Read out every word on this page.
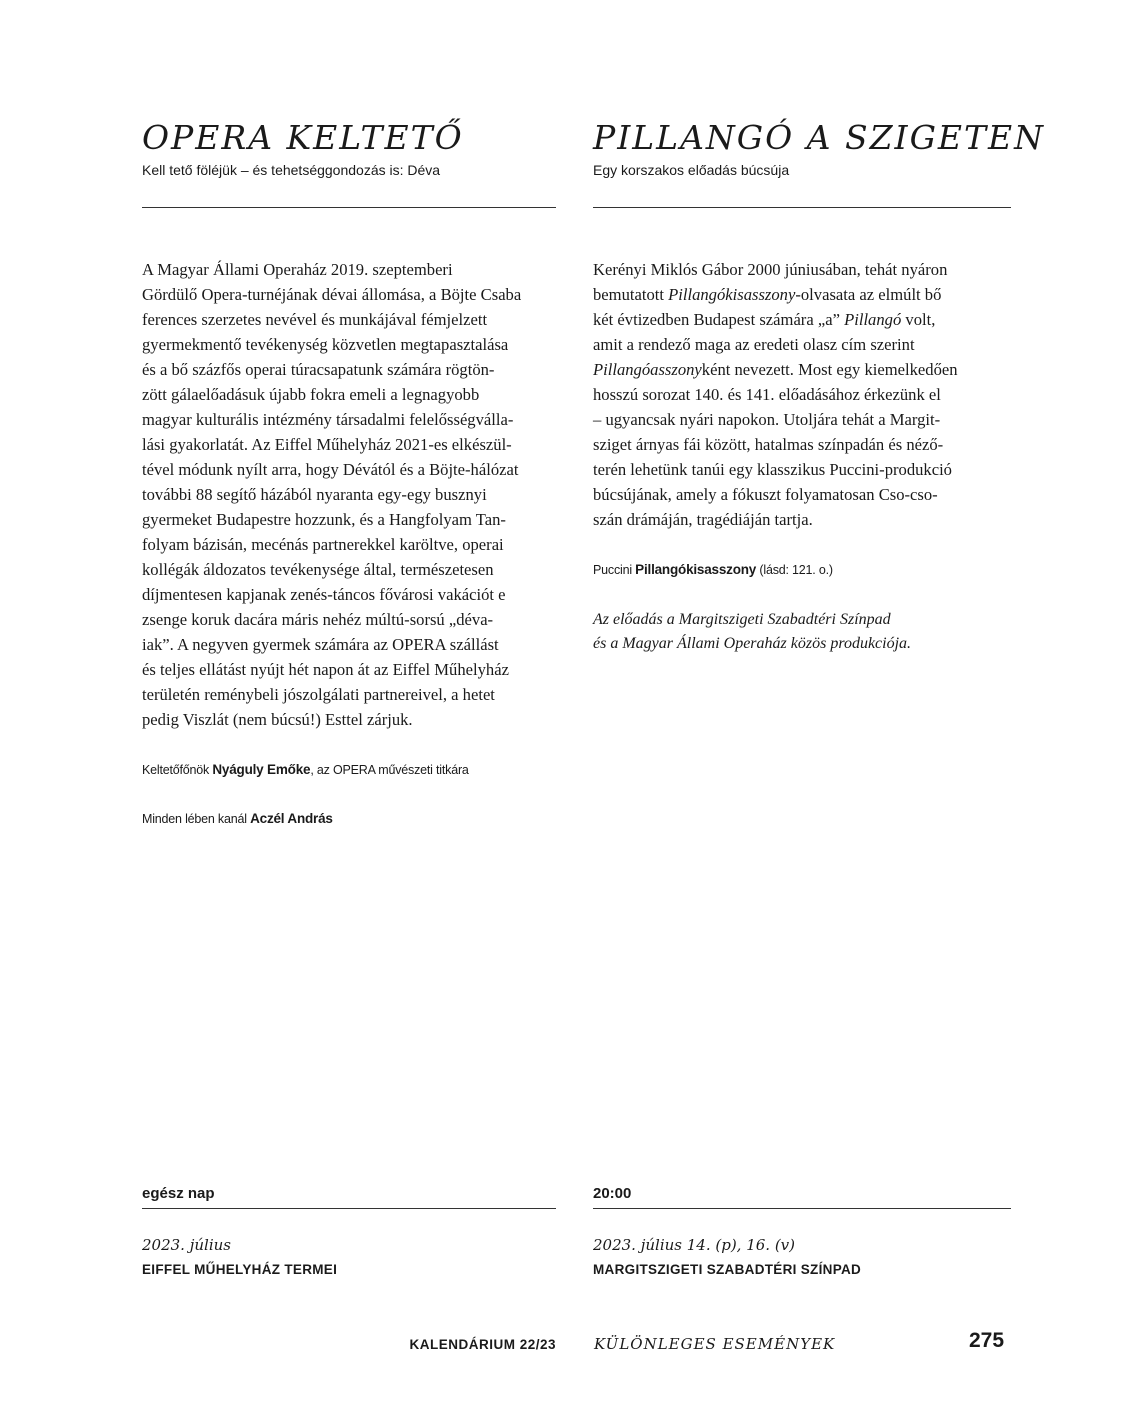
OPERA KELTETŐ
Kell tető föléjük – és tehetséggondozás is: Déva
A Magyar Állami Operaház 2019. szeptemberi
Gördülő Opera-turnéjának dévai állomása, a Böjte Csaba
ferences szerzetes nevével és munkájával fémjelzett
gyermekmentő tevékenység közvetlen megtapasztalása
és a bő százfős operai túracsapatunk számára rögtön-
zött gálaelőadásuk újabb fokra emeli a legnagyobb
magyar kulturális intézmény társadalmi felelősségválla-
lási gyakorlatát. Az Eiffel Műhelyház 2021-es elkészül-
tével módunk nyílt arra, hogy Dévától és a Böjte-hálózat
további 88 segítő házából nyaranta egy-egy busznyi
gyermeket Budapestre hozzunk, és a Hangfolyam Tan-
folyam bázisán, mecénás partnerekkel karöltve, operai
kollégák áldozatos tevékenysége által, természetesen
díjmentesen kapjanak zenés-táncos fővárosi vakációt e
zsenge koruk dacára máris nehéz múltú-sorsú „déva-
iak”. A negyven gyermek számára az OPERA szállást
és teljes ellátást nyújt hét napon át az Eiffel Műhelyház
területén reménybeli jószolgálati partnereivel, a hetet
pedig Viszlát (nem búcsú!) Esttel zárjuk.
Keltetőfőnök Nyáguly Emőke, az OPERA művészeti titkára
Minden lében kanál Aczél András
egész nap
2023. július
EIFFEL MŰHELYHÁZ TERMEI
PILLANGÓ A SZIGETEN
Egy korszakos előadás búcsúja
Kerényi Miklós Gábor 2000 júniusában, tehát nyáron
bemutatott Pillangókisasszony-olvasata az elmúlt bő
két évtizedben Budapest számára „a” Pillangó volt,
amit a rendező maga az eredeti olasz cím szerint
Pillangóasszonyként nevezett. Most egy kiemelkedően
hosszú sorozat 140. és 141. előadásához érkezünk el
– ugyancsak nyári napokon. Utoljára tehát a Margit-
sziget árnyas fái között, hatalmas színpadán és néző-
terén lehetünk tanúi egy klasszikus Puccini-produkció
búcsújának, amely a fókuszt folyamatosan Cso-cso-
szán drámáján, tragédiáján tartja.
Puccini Pillangókisasszony (lásd: 121. o.)
Az előadás a Margitszigeti Szabadtéri Színpad
és a Magyar Állami Operaház közös produkciója.
20:00
2023. július 14. (p), 16. (v)
MARGITSZIGETI SZABADTÉRI SZÍNPAD
KALENDÁRIUM 22/23	KÜLÖNLEGES ESEMÉNYEK	275
